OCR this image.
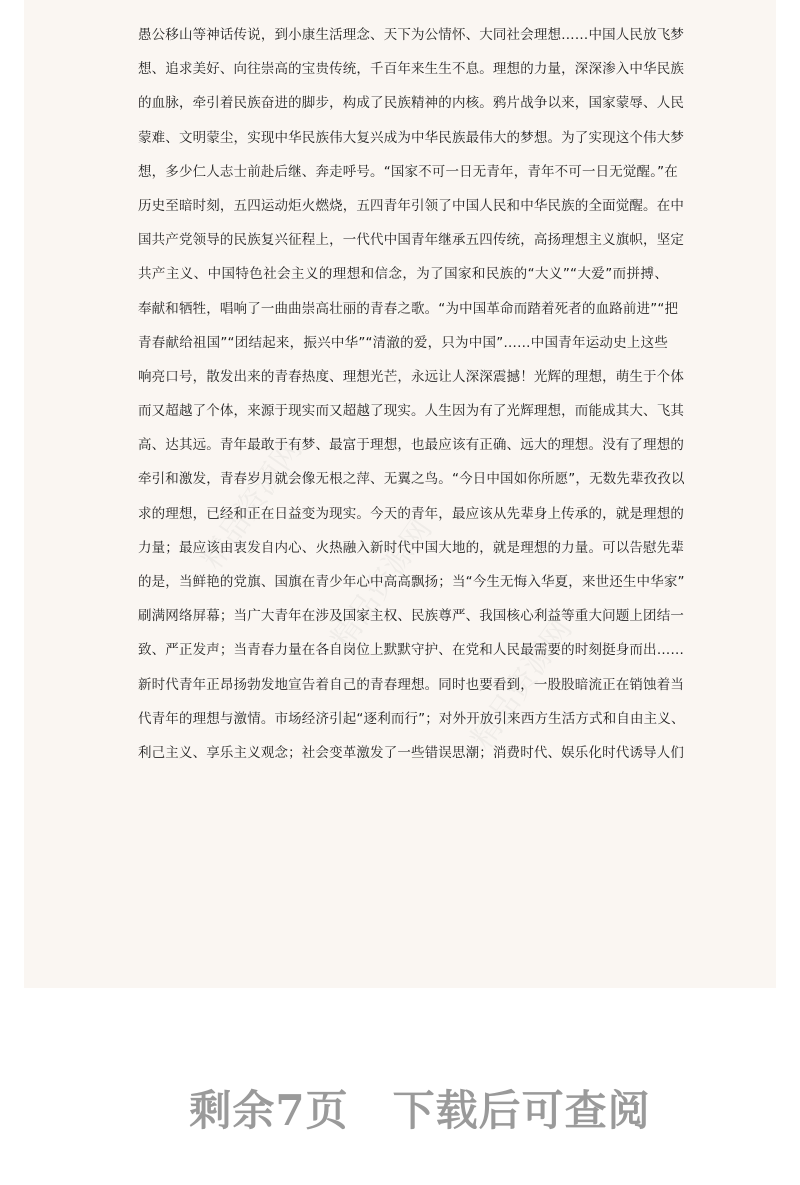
精品资源网
精品资源网
精品资源网
愚公移山等神话传说，到小康生活理念、天下为公情怀、大同社会理想……中国人民放飞梦
想、追求美好、向往崇高的宝贵传统，千百年来生生不息。理想的力量，深深渗入中华民族
的血脉，牵引着民族奋进的脚步，构成了民族精神的内核。鸦片战争以来，国家蒙辱、人民
蒙难、文明蒙尘，实现中华民族伟大复兴成为中华民族最伟大的梦想。为了实现这个伟大梦
想，多少仁人志士前赴后继、奔走呼号。“国家不可一日无青年，青年不可一日无觉醒。”在
历史至暗时刻，五四运动炬火燃烧，五四青年引领了中国人民和中华民族的全面觉醒。在中
国共产党领导的民族复兴征程上，一代代中国青年继承五四传统，高扬理想主义旗帜，坚定
共产主义、中国特色社会主义的理想和信念，为了国家和民族的“大义”“大爱”而拼搏、
奉献和牺牲，唱响了一曲曲崇高壮丽的青春之歌。“为中国革命而踏着死者的血路前进”“把
青春献给祖国”“团结起来，振兴中华”“清澈的爱，只为中国”……中国青年运动史上这些
响亮口号，散发出来的青春热度、理想光芒，永远让人深深震撼！光辉的理想，萌生于个体
而又超越了个体，来源于现实而又超越了现实。人生因为有了光辉理想，而能成其大、飞其
高、达其远。青年最敢于有梦、最富于理想，也最应该有正确、远大的理想。没有了理想的
牵引和激发，青春岁月就会像无根之萍、无翼之鸟。“今日中国如你所愿”，无数先辈孜孜以
求的理想，已经和正在日益变为现实。今天的青年，最应该从先辈身上传承的，就是理想的
力量；最应该由衷发自内心、火热融入新时代中国大地的，就是理想的力量。可以告慰先辈
的是，当鲜艳的党旗、国旗在青少年心中高高飘扬；当“今生无悔入华夏，来世还生中华家”
刷满网络屏幕；当广大青年在涉及国家主权、民族尊严、我国核心利益等重大问题上团结一
致、严正发声；当青春力量在各自岗位上默默守护、在党和人民最需要的时刻挺身而出……
新时代青年正昂扬勃发地宣告着自己的青春理想。同时也要看到，一股股暗流正在销蚀着当
代青年的理想与激情。市场经济引起“逐利而行”；对外开放引来西方生活方式和自由主义、
利己主义、享乐主义观念；社会变革激发了一些错误思潮；消费时代、娱乐化时代诱导人们
剩余7页 下载后可查阅
